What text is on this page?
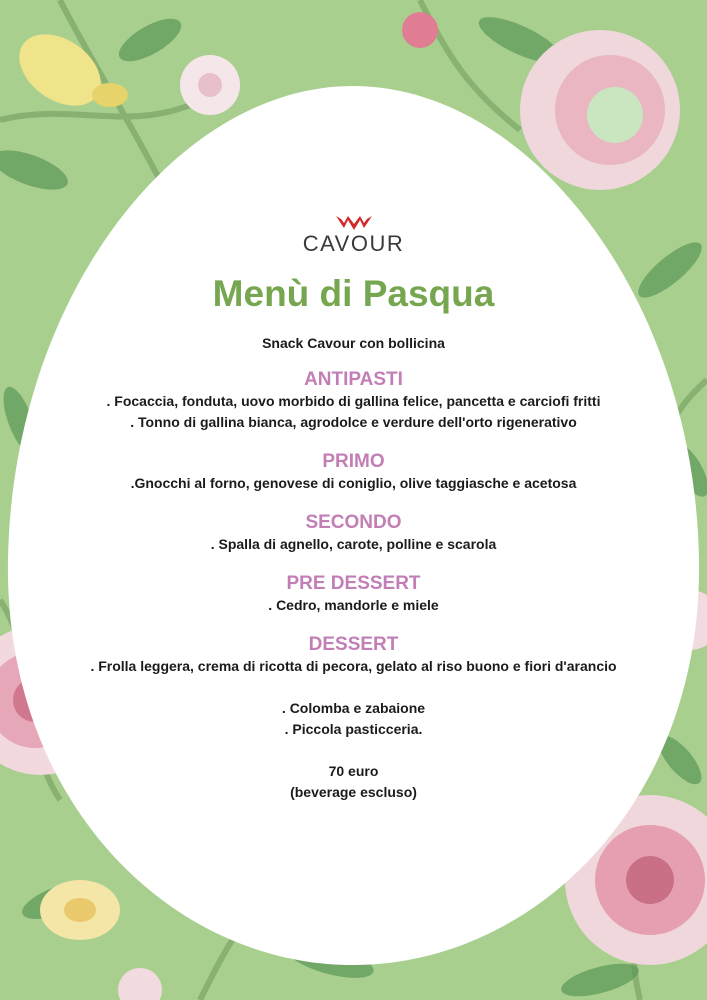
CAVOUR
Menù di Pasqua
Snack Cavour con bollicina
ANTIPASTI
. Focaccia, fonduta, uovo morbido di gallina felice, pancetta e carciofi fritti
. Tonno di gallina bianca, agrodolce e verdure dell'orto rigenerativo
PRIMO
.Gnocchi al forno, genovese di coniglio, olive taggiasche e acetosa
SECONDO
. Spalla di agnello, carote, polline e scarola
PRE DESSERT
. Cedro, mandorle e miele
DESSERT
. Frolla leggera, crema di ricotta di pecora, gelato al riso buono e fiori d'arancio
. Colomba e zabaione
. Piccola pasticceria.
70 euro
(beverage escluso)
